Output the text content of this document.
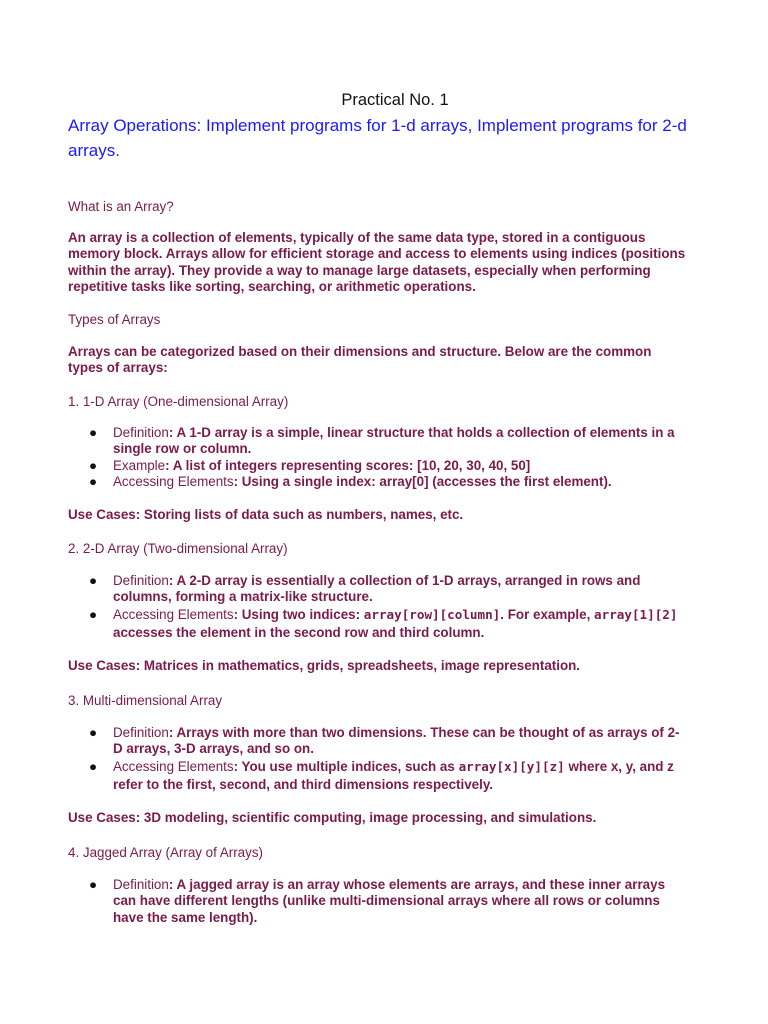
Practical No. 1
Array Operations: Implement programs for 1-d arrays, Implement programs for 2-d arrays.
What is an Array?
An array is a collection of elements, typically of the same data type, stored in a contiguous memory block. Arrays allow for efficient storage and access to elements using indices (positions within the array). They provide a way to manage large datasets, especially when performing repetitive tasks like sorting, searching, or arithmetic operations.
Types of Arrays
Arrays can be categorized based on their dimensions and structure. Below are the common types of arrays:
1. 1-D Array (One-dimensional Array)
● Definition: A 1-D array is a simple, linear structure that holds a collection of elements in a single row or column.
● Example: A list of integers representing scores: [10, 20, 30, 40, 50]
● Accessing Elements: Using a single index: array[0] (accesses the first element).
Use Cases: Storing lists of data such as numbers, names, etc.
2. 2-D Array (Two-dimensional Array)
● Definition: A 2-D array is essentially a collection of 1-D arrays, arranged in rows and columns, forming a matrix-like structure.
● Accessing Elements: Using two indices: array[row][column]. For example, array[1][2] accesses the element in the second row and third column.
Use Cases: Matrices in mathematics, grids, spreadsheets, image representation.
3. Multi-dimensional Array
● Definition: Arrays with more than two dimensions. These can be thought of as arrays of 2-D arrays, 3-D arrays, and so on.
● Accessing Elements: You use multiple indices, such as array[x][y][z] where x, y, and z refer to the first, second, and third dimensions respectively.
Use Cases: 3D modeling, scientific computing, image processing, and simulations.
4. Jagged Array (Array of Arrays)
● Definition: A jagged array is an array whose elements are arrays, and these inner arrays can have different lengths (unlike multi-dimensional arrays where all rows or columns have the same length).
